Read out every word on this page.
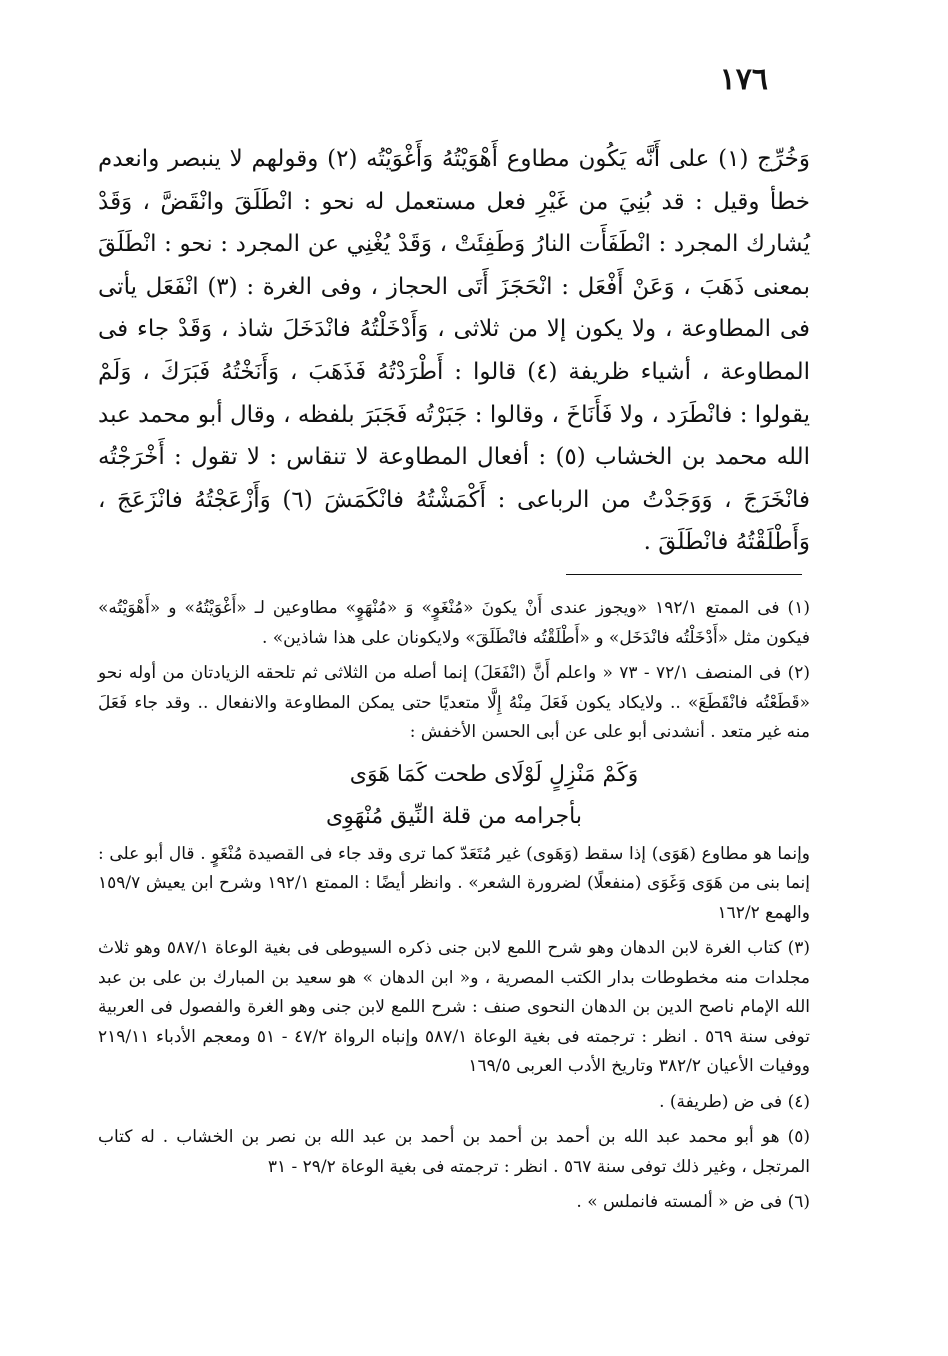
١٧٦

وَخُرِّج (١) على أَنَّه يَكُون مطاوع أَهْوَيْتُهُ وَأَغْوَيْتُه (٢) وقولهم لا ينبصر وانعدم خطأ وقيل : قد بُنِيَ من غَيْرِ فعل مستعمل له نحو : انْطَلَقَ وانْقَضَّ ، وَقَدْ يُشارك المجرد : انْطَفَأَت النارُ وَطَفِئَتْ ، وَقَدْ يُغْنِي عن المجرد : نحو : انْطَلَقَ بمعنى ذَهَبَ ، وَعَنْ أَفْعَل : انْحَجَزَ أَتَى الحجاز ، وفى الغرة : (٣) انْفَعَل يأتى فى المطاوعة ، ولا يكون إلا من ثلاثى ، وَأَدْخَلْتُهُ فانْدَخَلَ شاذ ، وَقَدْ جاء فى المطاوعة ، أشياء ظريفة (٤) قالوا : أَطْرَدْتُهُ فَذَهَبَ ، وَأَنَخْتُهُ فَبَرَكَ ، وَلَمْ يقولوا : فانْطَرَد ، ولا فَأَنَاخَ ، وقالوا : جَبَرْتُه فَجَبَرَ بلفظه ، وقال أبو محمد عبد الله محمد بن الخشاب (٥) : أفعال المطاوعة لا تنقاس : لا تقول : أَخْرَجْتُه فانْخَرَجَ ، وَوَجَدْتُ من الرباعى : أَكْمَشْتُهُ فانْكَمَشَ (٦) وَأَزْعَجْتُهُ فانْزَعَجَ ، وَأَطْلَقْتُهُ فانْطَلَقَ .

(١) فى الممتع ١٩٢/١ «ويجوز عندى أَنْ يكونَ «مُنْغَوٍ» وَ «مُنْهَوٍ» مطاوعين لـ «أَغْوَيْتُهُ» و «أَهْوَيْتُه» فيكون مثل «أَدْخَلْتُه فانْدَخَل» و «أَطْلَقْتُه فانْطَلَقَ» ولايكونان على هذا شاذين» .

(٢) فى المنصف ٧٢/١ - ٧٣ « واعلم أَنَّ (انْفَعَلَ) إنما أصله من الثلاثى ثم تلحقه الزيادتان من أوله نحو «قَطَعْتُه فانْقَطَعَ» .. ولايكاد يكون فَعَلَ مِنْهُ إِلَّا متعديًا حتى يمكن المطاوعة والانفعال .. وقد جاء فَعَلَ منه غير متعد . أنشدنى أبو على عن أبى الحسن الأخفش :

وَكَمْ مَنْزِلٍ لَوْلَاى طحت كَمَا هَوَى

بأجرامه من قلة النِّيق مُنْهَوِى

وإنما هو مطاوع (هَوَى) إذا سقط (وَهَوى) غير مُتَعَدّ كما ترى وقد جاء فى القصيدة مُنْغَوٍ . قال أبو على : إنما بنى من هَوَى وَغَوَى (منفعلًا) لضرورة الشعر» . وانظر أيضًا : الممتع ١٩٢/١ وشرح ابن يعيش ١٥٩/٧ والهمع ١٦٢/٢

(٣) كتاب الغرة لابن الدهان وهو شرح اللمع لابن جنى ذكره السيوطى فى بغية الوعاة ٥٨٧/١ وهو ثلاث مجلدات منه مخطوطات بدار الكتب المصرية ، و« ابن الدهان » هو سعيد بن المبارك بن على بن عبد الله الإمام ناصح الدين بن الدهان النحوى صنف : شرح اللمع لابن جنى وهو الغرة والفصول فى العربية توفى سنة ٥٦٩ . انظر : ترجمته فى بغية الوعاة ٥٨٧/١ وإنباه الرواة ٤٧/٢ - ٥١ ومعجم الأدباء ٢١٩/١١ ووفيات الأعيان ٣٨٢/٢ وتاريخ الأدب العربى ١٦٩/٥

(٤) فى ض (طريفة) .

(٥) هو أبو محمد عبد الله بن أحمد بن أحمد بن أحمد بن عبد الله بن نصر بن الخشاب . له كتاب المرتجل ، وغير ذلك توفى سنة ٥٦٧ . انظر : ترجمته فى بغية الوعاة ٢٩/٢ - ٣١

(٦) فى ض « ألمسته فانملس » .
